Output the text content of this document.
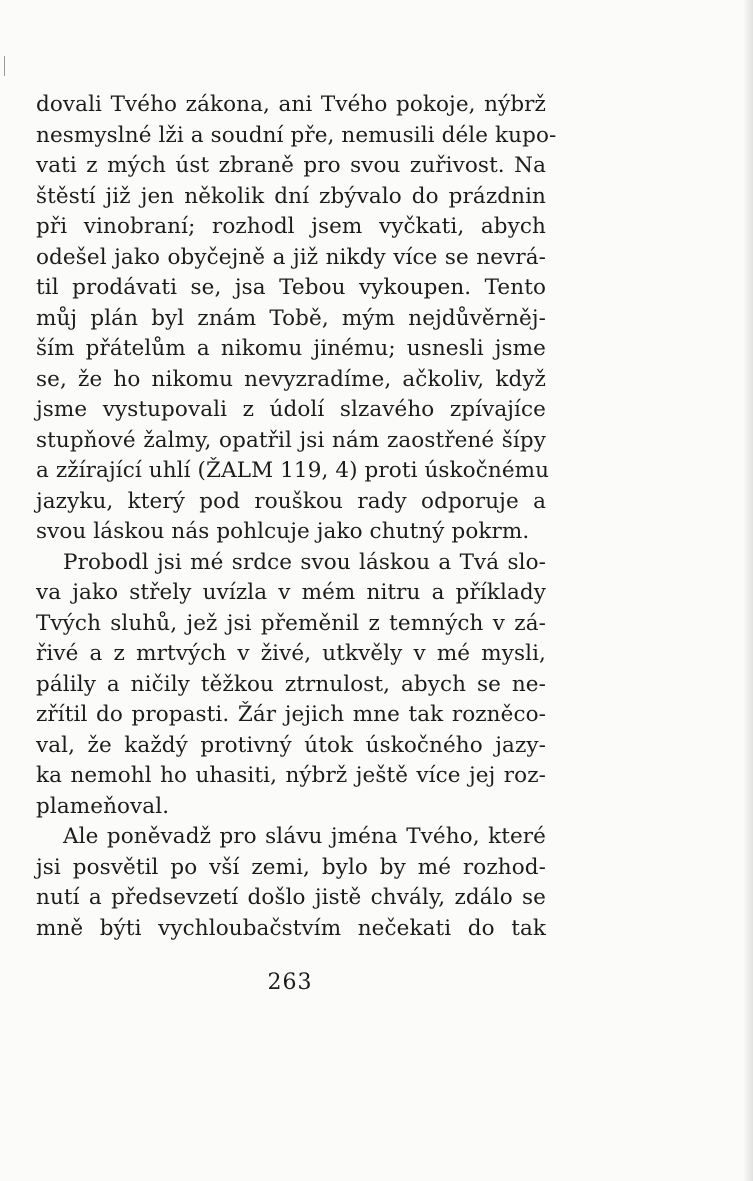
dovali Tvého zákona, ani Tvého pokoje, nýbrž
nesmyslné lži a soudní pře, nemusili déle kupo-
vati z mých úst zbraně pro svou zuřivost. Na
štěstí již jen několik dní zbývalo do prázdnin
při vinobraní; rozhodl jsem vyčkati, abych
odešel jako obyčejně a již nikdy více se nevrá-
til prodávati se, jsa Tebou vykoupen. Tento
můj plán byl znám Tobě, mým nejdůvěrněj-
ším přátelům a nikomu jinému; usnesli jsme
se, že ho nikomu nevyzradíme, ačkoliv, když
jsme vystupovali z údolí slzavého zpívajíce
stupňové žalmy, opatřil jsi nám zaostřené šípy
a zžírající uhlí (ŽALM 119, 4) proti úskočnému
jazyku, který pod rouškou rady odporuje a
svou láskou nás pohlcuje jako chutný pokrm.
Probodl jsi mé srdce svou láskou a Tvá slo-
va jako střely uvízla v mém nitru a příklady
Tvých sluhů, jež jsi přeměnil z temných v zá-
řivé a z mrtvých v živé, utkvěly v mé mysli,
pálily a ničily těžkou ztrnulost, abych se ne-
zřítil do propasti. Žár jejich mne tak rozněco-
val, že každý protivný útok úskočného jazy-
ka nemohl ho uhasiti, nýbrž ještě více jej roz-
plameňoval.
Ale poněvadž pro slávu jména Tvého, které
jsi posvětil po vší zemi, bylo by mé rozhod-
nutí a předsevzetí došlo jistě chvály, zdálo se
mně býti vychloubačstvím nečekati do tak
263
